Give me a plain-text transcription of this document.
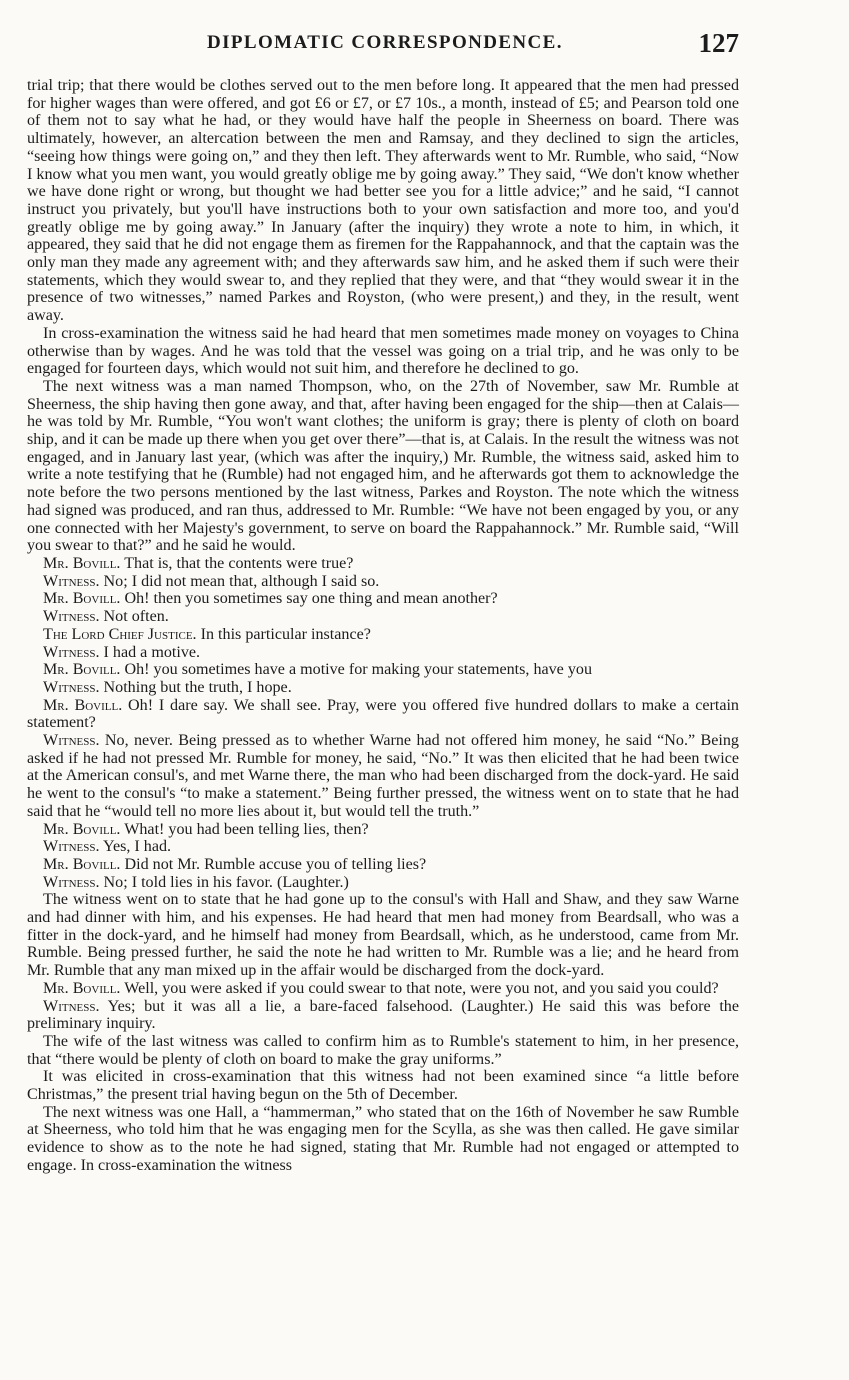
DIPLOMATIC CORRESPONDENCE.	127

trial trip; that there would be clothes served out to the men before long. It appeared that the men had pressed for higher wages than were offered, and got £6 or £7, or £7 10s., a month, instead of £5; and Pearson told one of them not to say what he had, or they would have half the people in Sheerness on board. There was ultimately, however, an altercation between the men and Ramsay, and they declined to sign the articles, “seeing how things were going on,” and they then left. They afterwards went to Mr. Rumble, who said, “Now I know what you men want, you would greatly oblige me by going away.” They said, “We don't know whether we have done right or wrong, but thought we had better see you for a little advice;” and he said, “I cannot instruct you privately, but you'll have instructions both to your own satisfaction and more too, and you'd greatly oblige me by going away.” In January (after the inquiry) they wrote a note to him, in which, it appeared, they said that he did not engage them as firemen for the Rappahannock, and that the captain was the only man they made any agreement with; and they afterwards saw him, and he asked them if such were their statements, which they would swear to, and they replied that they were, and that “they would swear it in the presence of two witnesses,” named Parkes and Royston, (who were present,) and they, in the result, went away.

In cross-examination the witness said he had heard that men sometimes made money on voyages to China otherwise than by wages. And he was told that the vessel was going on a trial trip, and he was only to be engaged for fourteen days, which would not suit him, and therefore he declined to go.

The next witness was a man named Thompson, who, on the 27th of November, saw Mr. Rumble at Sheerness, the ship having then gone away, and that, after having been engaged for the ship—then at Calais—he was told by Mr. Rumble, “You won't want clothes; the uniform is gray; there is plenty of cloth on board ship, and it can be made up there when you get over there”—that is, at Calais. In the result the witness was not engaged, and in January last year, (which was after the inquiry,) Mr. Rumble, the witness said, asked him to write a note testifying that he (Rumble) had not engaged him, and he afterwards got them to acknowledge the note before the two persons mentioned by the last witness, Parkes and Royston. The note which the witness had signed was produced, and ran thus, addressed to Mr. Rumble: “We have not been engaged by you, or any one connected with her Majesty's government, to serve on board the Rappahannock.” Mr. Rumble said, “Will you swear to that?” and he said he would.

Mr. Bovill. That is, that the contents were true?

Witness. No; I did not mean that, although I said so.

Mr. Bovill. Oh! then you sometimes say one thing and mean another?

Witness. Not often.

The Lord Chief Justice. In this particular instance?

Witness. I had a motive.

Mr. Bovill. Oh! you sometimes have a motive for making your statements, have you

Witness. Nothing but the truth, I hope.

Mr. Bovill. Oh! I dare say. We shall see. Pray, were you offered five hundred dollars to make a certain statement?

Witness. No, never. Being pressed as to whether Warne had not offered him money, he said “No.” Being asked if he had not pressed Mr. Rumble for money, he said, “No.” It was then elicited that he had been twice at the American consul's, and met Warne there, the man who had been discharged from the dock-yard. He said he went to the consul's “to make a statement.” Being further pressed, the witness went on to state that he had said that he “would tell no more lies about it, but would tell the truth.”

Mr. Bovill. What! you had been telling lies, then?

Witness. Yes, I had.

Mr. Bovill. Did not Mr. Rumble accuse you of telling lies?

Witness. No; I told lies in his favor. (Laughter.)

The witness went on to state that he had gone up to the consul's with Hall and Shaw, and they saw Warne and had dinner with him, and his expenses. He had heard that men had money from Beardsall, who was a fitter in the dock-yard, and he himself had money from Beardsall, which, as he understood, came from Mr. Rumble. Being pressed further, he said the note he had written to Mr. Rumble was a lie; and he heard from Mr. Rumble that any man mixed up in the affair would be discharged from the dock-yard.

Mr. Bovill. Well, you were asked if you could swear to that note, were you not, and you said you could?

Witness. Yes; but it was all a lie, a bare-faced falsehood. (Laughter.) He said this was before the preliminary inquiry.

The wife of the last witness was called to confirm him as to Rumble's statement to him, in her presence, that “there would be plenty of cloth on board to make the gray uniforms.”

It was elicited in cross-examination that this witness had not been examined since “a little before Christmas,” the present trial having begun on the 5th of December.

The next witness was one Hall, a “hammerman,” who stated that on the 16th of November he saw Rumble at Sheerness, who told him that he was engaging men for the Scylla, as she was then called. He gave similar evidence to show as to the note he had signed, stating that Mr. Rumble had not engaged or attempted to engage. In cross-examination the witness
